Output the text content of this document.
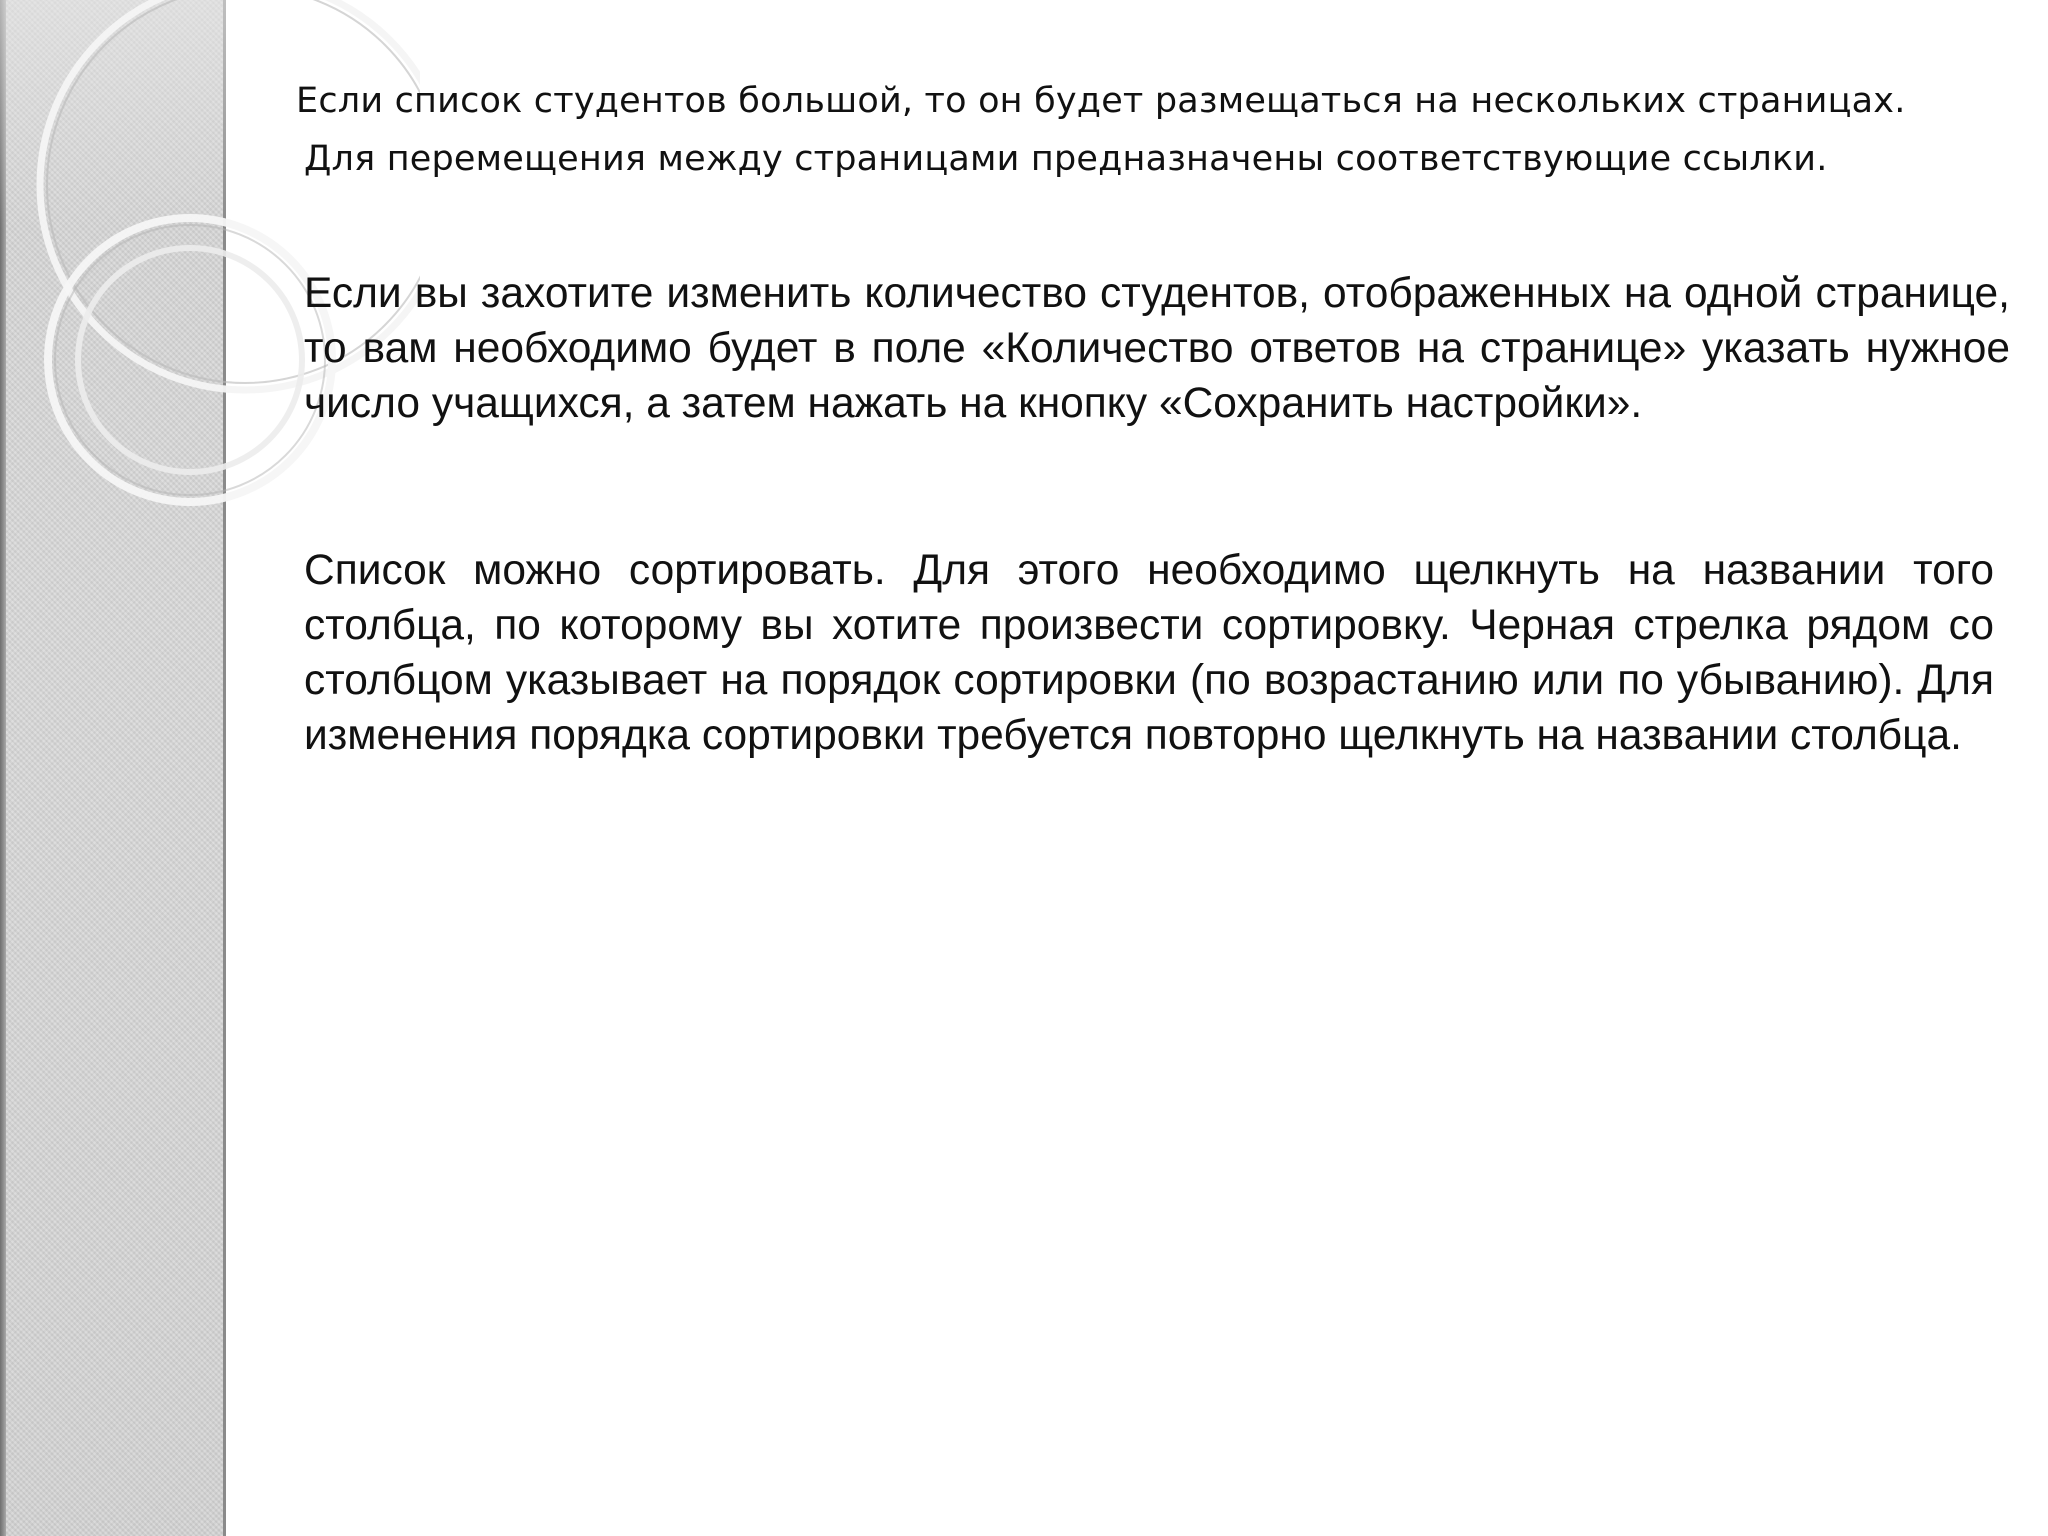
Если список студентов большой, то он будет размещаться на нескольких страницах.
Для перемещения между страницами предназначены соответствующие ссылки.

Если вы захотите изменить количество студентов, отображенных на одной странице, то вам необходимо будет в поле «Количество ответов на странице» указать нужное число учащихся, а затем нажать на кнопку «Сохранить настройки».

Список можно сортировать. Для этого необходимо щелкнуть на названии того столбца, по которому вы хотите произвести сортировку. Черная стрелка рядом со столбцом указывает на порядок сортировки (по возрастанию или по убыванию). Для изменения порядка сортировки требуется повторно щелкнуть на названии столбца.
